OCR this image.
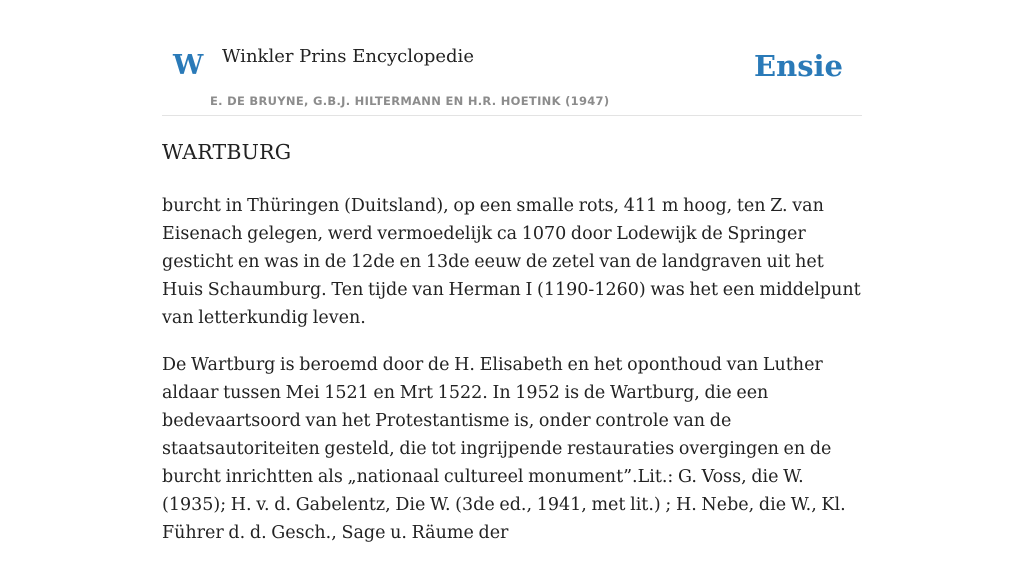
W Winkler Prins Encyclopedie
E. DE BRUYNE, G.B.J. HILTERMANN EN H.R. HOETINK (1947)
Ensie
WARTBURG

burcht in Thüringen (Duitsland), op een smalle rots, 411 m hoog, ten Z. van Eisenach gelegen, werd vermoedelijk ca 1070 door Lodewijk de Springer gesticht en was in de 12de en 13de eeuw de zetel van de landgraven uit het Huis Schaumburg. Ten tijde van Herman I (1190-1260) was het een middelpunt van letterkundig leven.

De Wartburg is beroemd door de H. Elisabeth en het oponthoud van Luther aldaar tussen Mei 1521 en Mrt 1522. In 1952 is de Wartburg, die een bedevaartsoord van het Protestantisme is, onder controle van de staatsautoriteiten gesteld, die tot ingrijpende restauraties overgingen en de burcht inrichtten als „nationaal cultureel monument”.Lit.: G. Voss, die W. (1935); H. v. d. Gabelentz, Die W. (3de ed., 1941, met lit.) ; H. Nebe, die W., Kl. Führer d. d. Gesch., Sage u. Räume der
